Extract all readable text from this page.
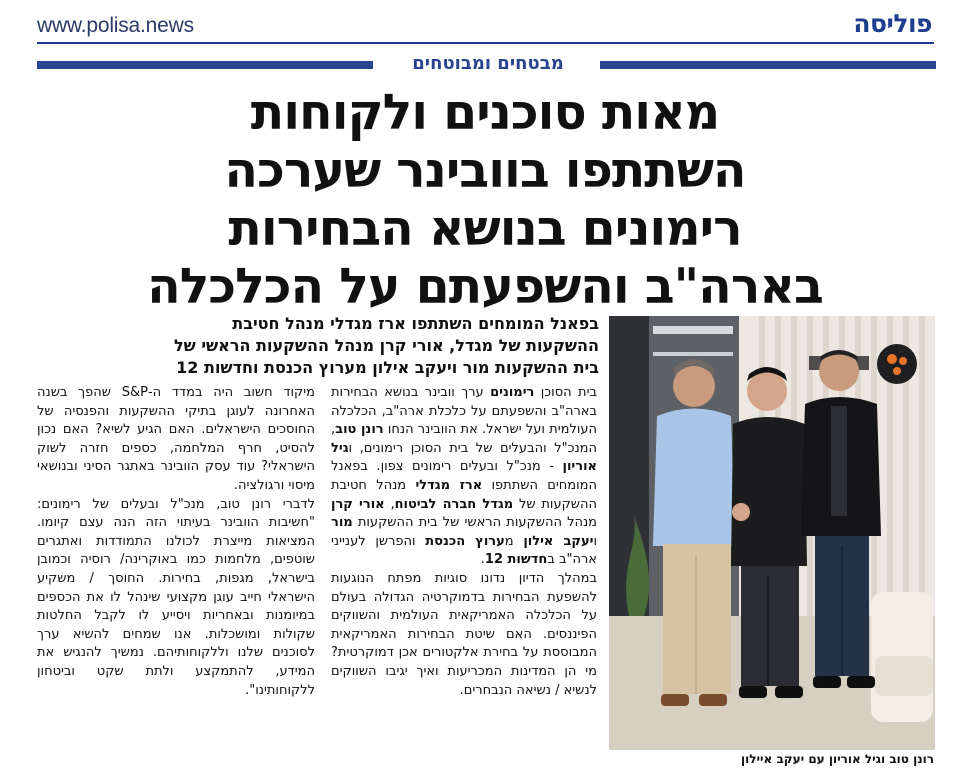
www.polisa.news	פוליסה
מבטחים ומבוטחים
מאות סוכנים ולקוחות
השתתפו בוובינר שערכה
רימונים בנושא הבחירות
בארה"ב והשפעתם על הכלכלה
בפאנל המומחים השתתפו ארז מגדלי מנהל חטיבת
ההשקעות של מגדל, אורי קרן מנהל ההשקעות הראשי של
בית ההשקעות מור ויעקב אילון מערוץ הכנסת וחדשות 12

בית הסוכן רימונים ערך וובינר בנושא הבחירות בארה"ב והשפעתם על כלכלת ארה"ב, הכלכלה העולמית ועל ישראל. את הוובינר הנחו רונן טוב, המנכ"ל והבעלים של בית הסוכן רימונים, וגיל אוריון - מנכ"ל ובעלים רימונים צפון. בפאנל המומחים השתתפו ארז מגדלי מנהל חטיבת ההשקעות של מגדל חברה לביטוח, אורי קרן מנהל ההשקעות הראשי של בית ההשקעות מור ויעקב אילון מערוץ הכנסת והפרשן לענייני ארה"ב בחדשות 12.

במהלך הדיון נדונו סוגיות מפתח הנוגעות להשפעת הבחירות בדמוקרטיה הגדולה בעולם על הכלכלה האמריקאית העולמית והשווקים הפיננסים. האם שיטת הבחירות האמריקאית המבוססת על בחירת אלקטורים אכן דמוקרטית? מי הן המדינות המכריעות ואיך יגיבו השווקים לנשיא / נשיאה הנבחרים.

מיקוד חשוב היה במדד ה-S&P שהפך בשנה האחרונה לעוגן בתיקי ההשקעות והפנסיה של החוסכים הישראלים. האם הגיע לשיא? האם נכון להסיט, חרף המלחמה, כספים חזרה לשוק הישראלי? עוד עסק הוובינר באתגר הסיני ובנושאי מיסוי ורגולציה.

לדברי רונן טוב, מנכ"ל ובעלים של רימונים: "חשיבות הוובינר בעיתוי הזה הנה עצם קיומו. המציאות מייצרת לכולנו התמודדות ואתגרים שוטפים, מלחמות כמו באוקרינה/ רוסיה וכמובן בישראל, מגפות, בחירות. החוסך / משקיע הישראלי חייב עוגן מקצועי שינהל לו את הכספים במיומנות ובאחריות ויסייע לו לקבל החלטות שקולות ומושכלות. אנו שמחים להשיא ערך לסוכנים שלנו וללקוחותיהם. נמשיך להנגיש את המידע, להתמקצע ולתת שקט וביטחון ללקוחותינו".

רונן טוב וגיל אוריון עם יעקב איילון
